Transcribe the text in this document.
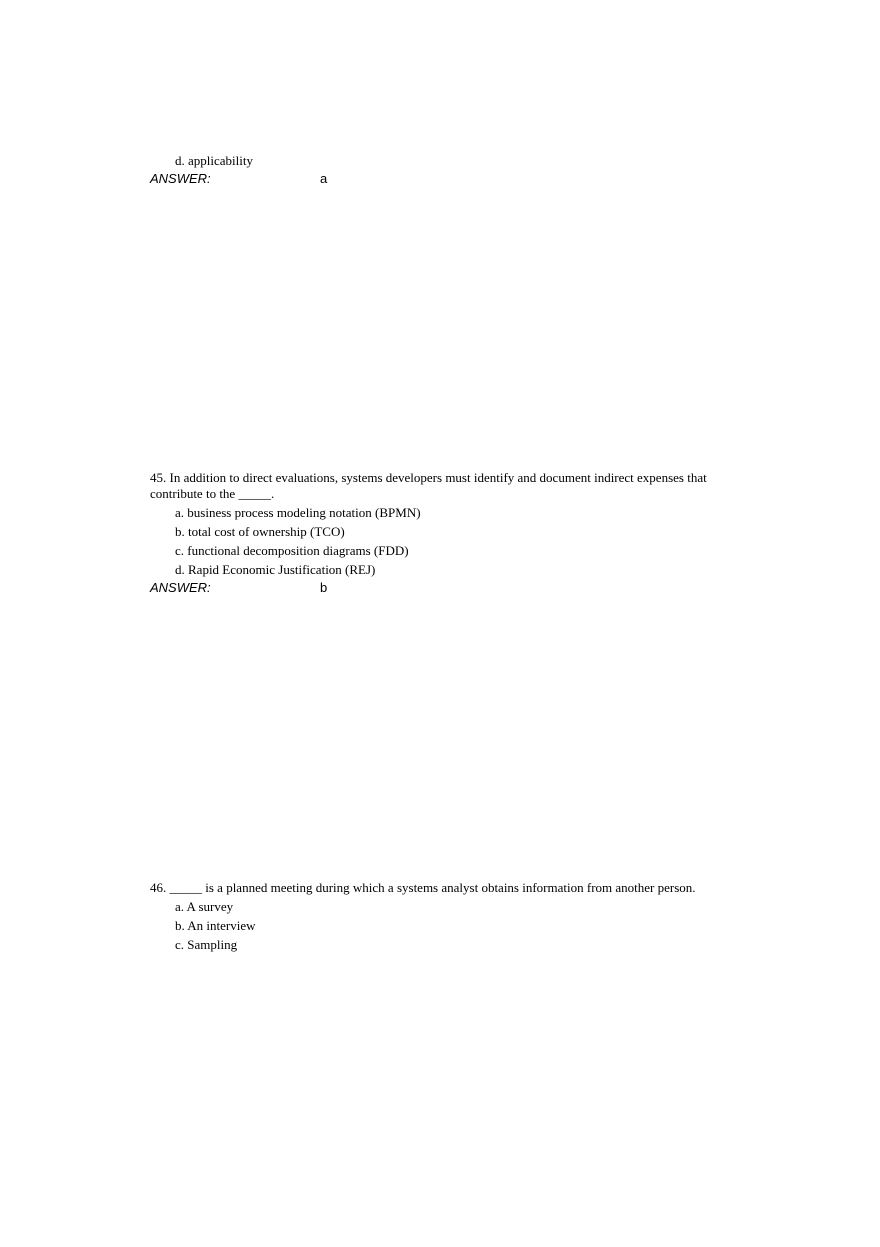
d. applicability
ANSWER:	a
45. In addition to direct evaluations, systems developers must identify and document indirect expenses that contribute to the _____.
a. business process modeling notation (BPMN)
b. total cost of ownership (TCO)
c. functional decomposition diagrams (FDD)
d. Rapid Economic Justification (REJ)
ANSWER:	b
46. _____ is a planned meeting during which a systems analyst obtains information from another person.
a. A survey
b. An interview
c. Sampling
